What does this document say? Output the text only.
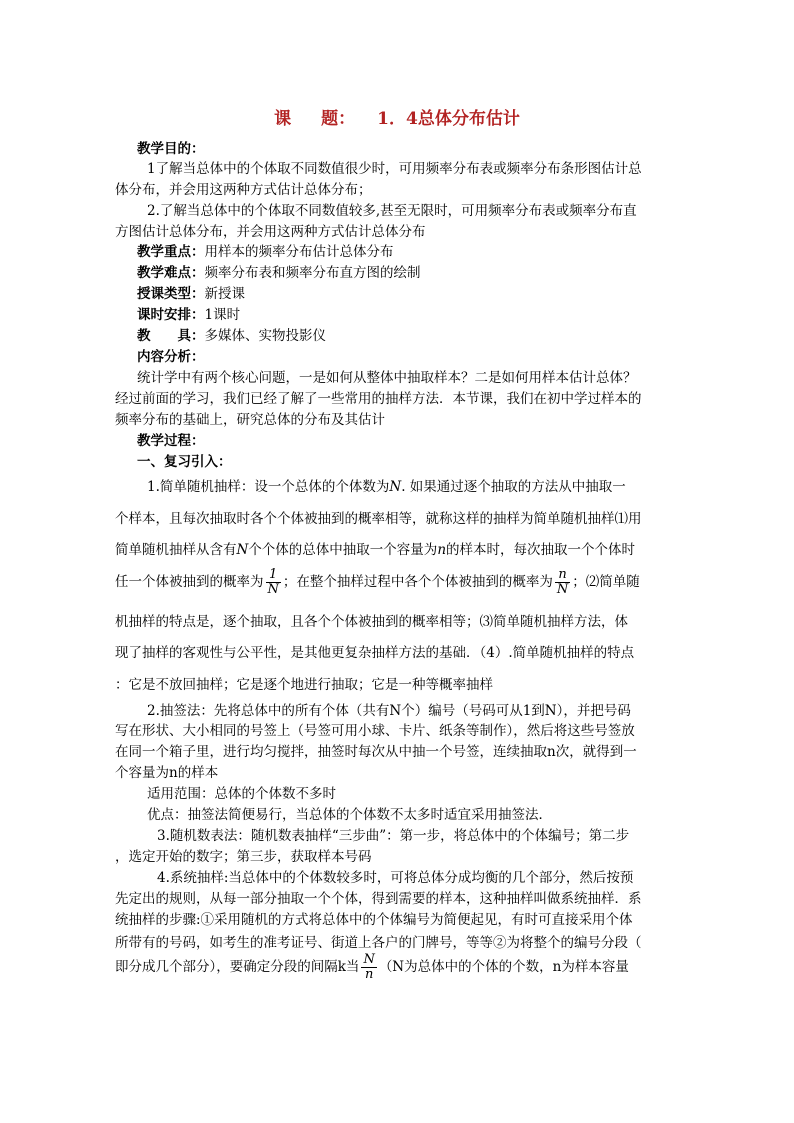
课 题： 1．4总体分布估计
教学目的：
1了解当总体中的个体取不同数值很少时，可用频率分布表或频率分布条形图估计总
体分布，并会用这两种方式估计总体分布；
2.了解当总体中的个体取不同数值较多,甚至无限时，可用频率分布表或频率分布直
方图估计总体分布，并会用这两种方式估计总体分布
教学重点：用样本的频率分布估计总体分布
教学难点：频率分布表和频率分布直方图的绘制
授课类型：新授课
课时安排：1课时
教　　具：多媒体、实物投影仪
内容分析：
统计学中有两个核心问题，一是如何从整体中抽取样本？二是如何用样本估计总体？
经过前面的学习，我们已经了解了一些常用的抽样方法．本节课，我们在初中学过样本的
频率分布的基础上，研究总体的分布及其估计
教学过程：
一、复习引入：
1.简单随机抽样：设一个总体的个体数为N. 如果通过逐个抽取的方法从中抽取一
个样本，且每次抽取时各个个体被抽到的概率相等，就称这样的抽样为简单随机抽样⑴用
简单随机抽样从含有N个个体的总体中抽取一个容量为n的样本时，每次抽取一个个体时
任一个体被抽到的概率为 $\frac{1}{N}$ ；在整个抽样过程中各个个体被抽到的概率为 $\frac{n}{N}$ ；⑵简单随
机抽样的特点是，逐个抽取，且各个个体被抽到的概率相等；⑶简单随机抽样方法，体
现了抽样的客观性与公平性，是其他更复杂抽样方法的基础．（4）.简单随机抽样的特点
：它是不放回抽样；它是逐个地进行抽取；它是一种等概率抽样
2.抽签法：先将总体中的所有个体（共有N个）编号（号码可从1到N），并把号码
写在形状、大小相同的号签上（号签可用小球、卡片、纸条等制作），然后将这些号签放
在同一个箱子里，进行均匀搅拌，抽签时每次从中抽一个号签，连续抽取n次，就得到一
个容量为n的样本
适用范围：总体的个体数不多时
优点：抽签法简便易行，当总体的个体数不太多时适宜采用抽签法．
3.随机数表法：随机数表抽样“三步曲”：第一步，将总体中的个体编号；第二步
，选定开始的数字；第三步，获取样本号码
4.系统抽样:当总体中的个体数较多时，可将总体分成均衡的几个部分，然后按预
先定出的规则，从每一部分抽取一个个体，得到需要的样本，这种抽样叫做系统抽样．系
统抽样的步骤:①采用随机的方式将总体中的个体编号为简便起见，有时可直接采用个体
所带有的号码，如考生的准考证号、街道上各户的门牌号，等等②为将整个的编号分段（
即分成几个部分），要确定分段的间隔k当 $\frac{N}{n} (N$为总体中的个体的个数，n为样本容量
